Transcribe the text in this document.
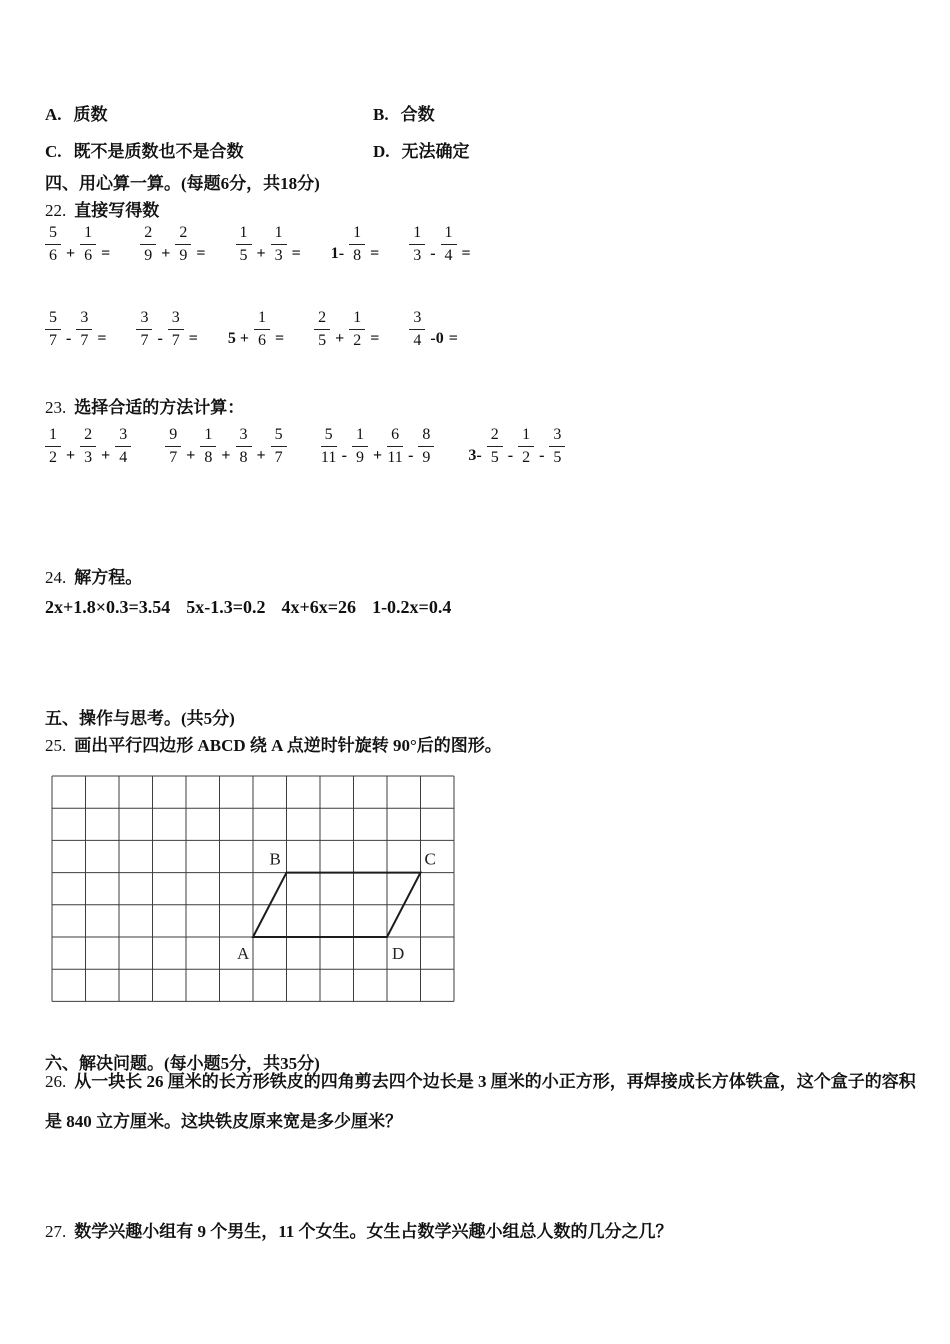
A. 质数	B. 合数
C. 既不是质数也不是合数	D. 无法确定
四、用心算一算。(每题6分，共18分)
22. 直接写得数
$\frac{5}{6} + \frac{1}{6} = \frac{2}{9} + \frac{2}{9} = \frac{1}{5} + \frac{1}{3} = 1- \frac{1}{8} = \frac{1}{3} - \frac{1}{4}$ =
$\frac{5}{7} - \frac{3}{7} = \frac{3}{7} - \frac{3}{7} = 5 + \frac{1}{6} = \frac{2}{5} + \frac{1}{2} = \frac{3}{4} -0$ =
23. 选择合适的方法计算：
$\frac{1}{2} + \frac{2}{3} + \frac{3}{4} \frac{9}{7} + \frac{1}{8} + \frac{3}{8} + \frac{5}{7} \frac{5}{11} - \frac{1}{9} + \frac{6}{11} - \frac{8}{9} 3- \frac{2}{5} - \frac{1}{2} - \frac{3}{5}$
24. 解方程。
2x+1.8×0.3=3.54 5x-1.3=0.2 4x+6x=26 1-0.2x=0.4
五、操作与思考。(共5分)
25. 画出平行四边形 ABCD 绕 A 点逆时针旋转 90°后的图形。
A
B	C
D
六、解决问题。(每小题5分，共35分)
26. 从一块长 26 厘米的长方形铁皮的四角剪去四个边长是 3 厘米的小正方形，再焊接成长方体铁盒，这个盒子的容积是 840 立方厘米。这块铁皮原来宽是多少厘米？
27. 数学兴趣小组有 9 个男生，11 个女生。女生占数学兴趣小组总人数的几分之几？
